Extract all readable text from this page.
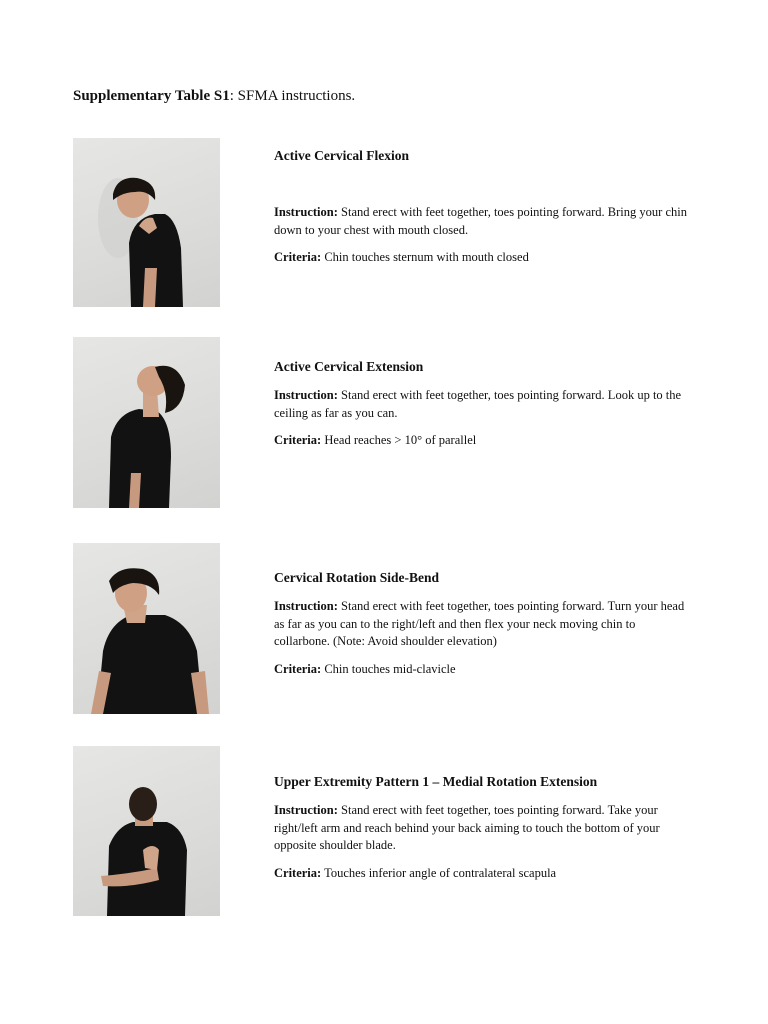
Supplementary Table S1: SFMA instructions.

Active Cervical Flexion

Instruction: Stand erect with feet together, toes pointing forward. Bring your chin down to your chest with mouth closed.

Criteria: Chin touches sternum with mouth closed

Active Cervical Extension

Instruction: Stand erect with feet together, toes pointing forward. Look up to the ceiling as far as you can.

Criteria: Head reaches > 10° of parallel

Cervical Rotation Side-Bend

Instruction: Stand erect with feet together, toes pointing forward. Turn your head as far as you can to the right/left and then flex your neck moving chin to collarbone. (Note: Avoid shoulder elevation)

Criteria: Chin touches mid-clavicle

Upper Extremity Pattern 1 – Medial Rotation Extension

Instruction: Stand erect with feet together, toes pointing forward. Take your right/left arm and reach behind your back aiming to touch the bottom of your opposite shoulder blade.

Criteria: Touches inferior angle of contralateral scapula
